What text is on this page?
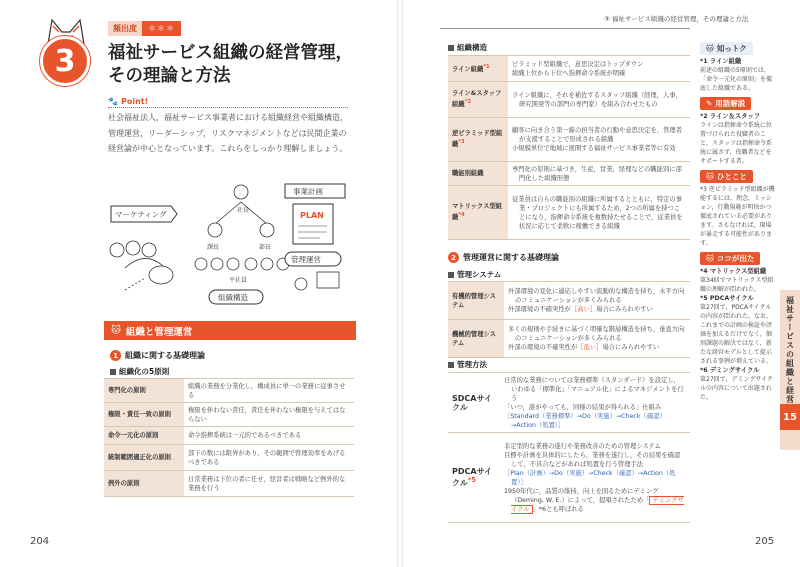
3
頻出度	＊＊＊
福祉サービス組織の経営管理，
その理論と方法
🐾 Point!
社会福祉法人，福祉サービス事業者における組織経営や組織構造，管理運営，リーダーシップ，リスクマネジメントなどは民間企業の経営論が中心となっています。これらをしっかり理解しましょう。
マーケティング	社長
課長	部長
平社員
組織構造
事業計画
PLAN
管理運営
🐱 組織と管理運営
1 組織に関する基礎理論
組織化の5原則
専門化の原則	組織の業務を分業化し，構成員に単一の業務に従事させる
権限・責任一致の原則	権限を伴わない責任，責任を伴わない権限を与えてはならない
命令一元化の原則	命令指揮系統は一元的であるべきである
統制範囲適正化の原則	部下の数には限界があり，その範囲で管理効率をあげるべきである
例外の原則	日常業務は下位の者に任せ，経営者は戦略など例外的な業務を行う
204
③ 福祉サービス組織の経営管理，その理論と方法
組織構造
ライン組織$^{*1}$	ピラミッド型組織で，意思決定はトップダウン
組織上位から下位へ指揮命令系統が明確

ライン&スタッフ組織$^{*2}$	ライン組織に，それを補佐するスタッフ組織（経理，人事，研究開発等の部門の専門家）を組み合わせたもの

逆ピラミッド型組織$^{*3}$	顧客に向き合う第一線の担当者の行動や意思決定を，管理者が支援することで形成される組織
小規模単位で地域に展開する福祉サービス事業者等に有効

職能別組織	専門化の原則に基づき，生産，営業，経理などの職能別に部門化した組織形態

マトリックス型組織$^{*4}$	従業員は自らの職能別の組織に所属するとともに，特定の事業・プロジェクトにも所属するため，2つの所属を持つことになり，指揮命令系統を複数持たせることで，従業員を状況に応じて柔軟に稼働できる組織
2 管理運営に関する基礎理論
管理システム
有機的管理システム	外部環境の変化に適応しやすい流動的な構造を持ち，水平方向のコミュニケーションが多くみられる
外部環境の不確実性が［高い］場合にみられやすい

機械的管理システム	多くの規則や手続きに基づく明確な階層構造を持ち，垂直方向のコミュニケーションが多くみられる
外部の環境の不確実性が［低い］場合にみられやすい
管理方法
SDCAサイクル	日常的な業務については業務標準（スタンダード）を設定し，いわゆる「標準化」「マニュアル化」によるマネジメントを行う
「いつ，誰がやっても，同様の結果が得られる」仕組み
［Standard（業務標準）→Do（実施）→Check（確認）→Action（処置）］

PDCAサイクル$^{*5}$	非定型的な業務の遂行や業務改善のための管理システム
目標や計画を具体的にしたら，業務を遂行し，その結果を確認して，不具合などがあれば処置を行う管理手法
［Plan（計画）→Do（実施）→Check（確認）→Action（処置）］
1950年代に，品質の維持，向上を図るためにデミング（Deming, W. E.）によって，提唱されたため「 デミングサイクル 」*6とも呼ばれる
205
🐱 知っトク
*1 ライン組織
前述の組織の5原則では，「命令一元化の原則」を徹底した組織である。
✎ 用語解説
*2 ライン＆スタッフ
ラインは指揮命令系統に位置づけられた役職者のこと。スタッフは指揮命令系統に属さず，役職者などをサポートする者。
🐱 ひとこと
*3 逆ピラミッド型組織が機能するには，理念，ミッション，行動規範が明快かつ徹底されている必要があります。さもなければ，現場が暴走する可能性があります。
🐱 ココが出た
*4 マトリックス型組織
第34回でマトリックス型組織の理解が問われた。
*5 PDCAサイクル
第27回で，PDCAサイクルの内容が問われた。なお，これまでの計画の検証や評価を加えるだけでなく，個別課題の解決ではなく，新たな経営モデルとして提示される事例が増えている。
*6 デミングサイクル
第27回で，デミングサイクルの内容について出題された。	福祉サービスの組織と経営
15
